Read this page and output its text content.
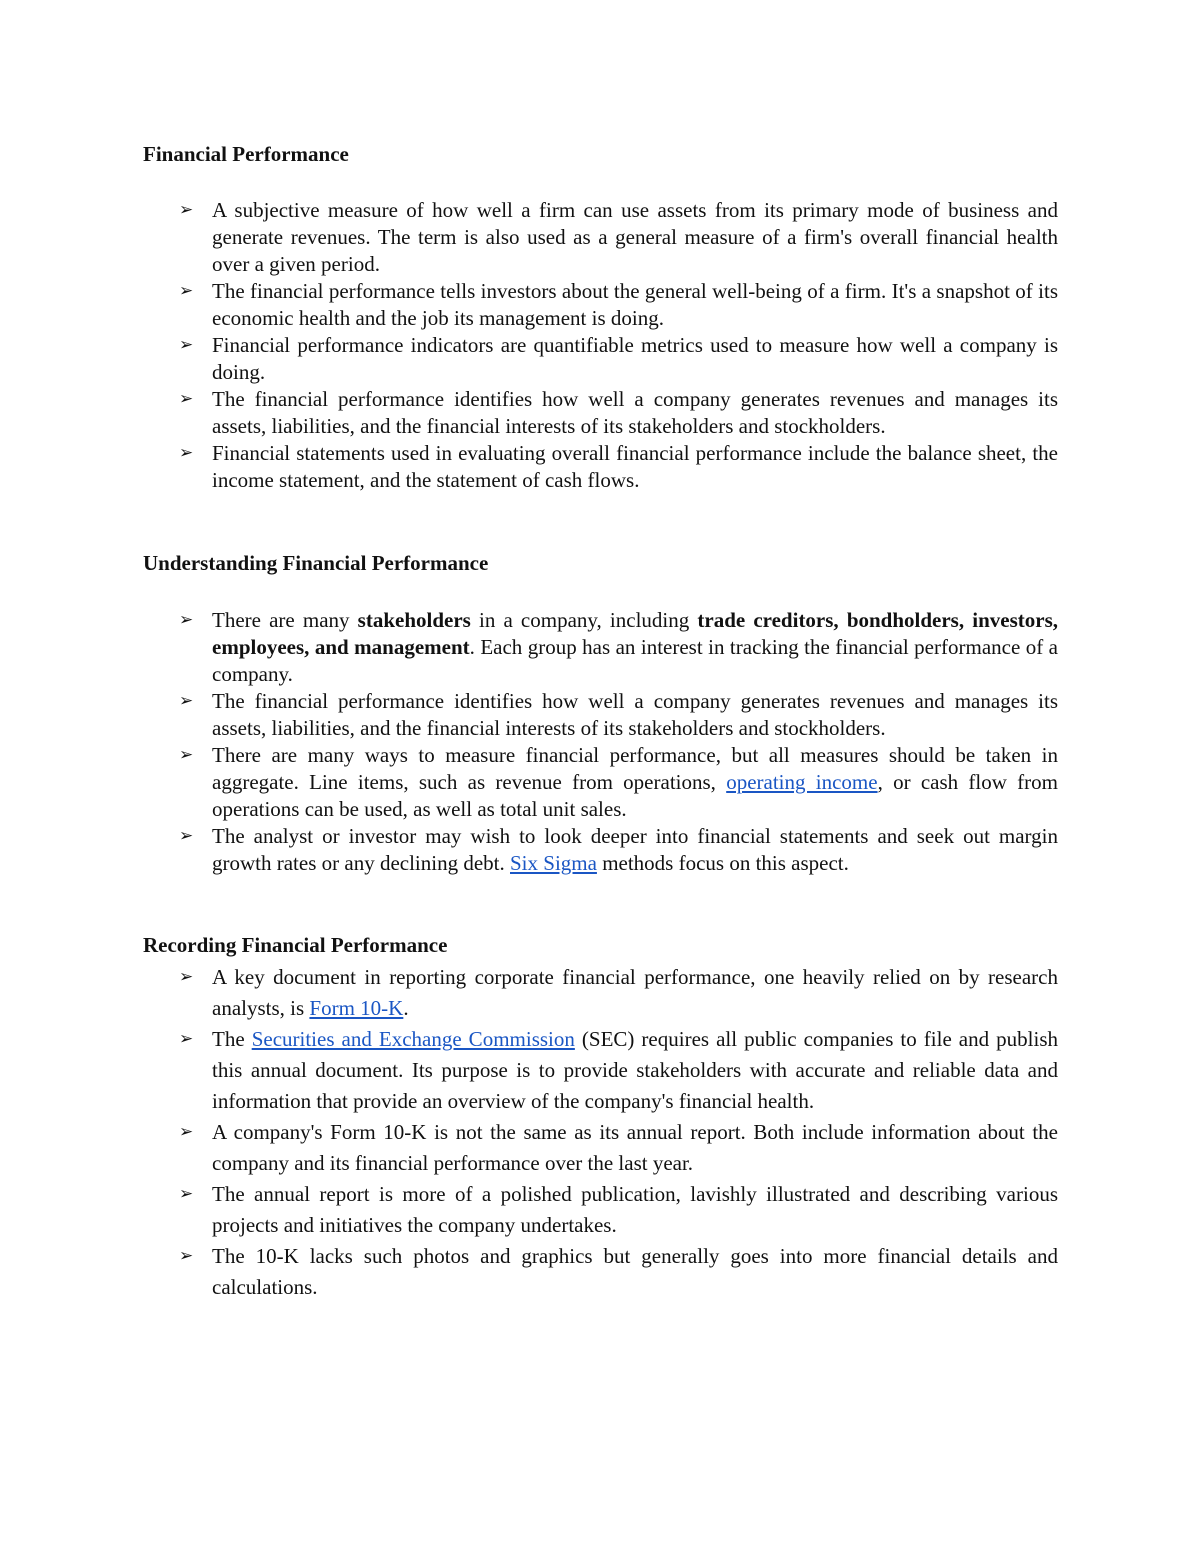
Financial Performance
➢ A subjective measure of how well a firm can use assets from its primary mode of business and generate revenues. The term is also used as a general measure of a firm's overall financial health over a given period.
➢ The financial performance tells investors about the general well-being of a firm. It's a snapshot of its economic health and the job its management is doing.
➢ Financial performance indicators are quantifiable metrics used to measure how well a company is doing.
➢ The financial performance identifies how well a company generates revenues and manages its assets, liabilities, and the financial interests of its stakeholders and stockholders.
➢ Financial statements used in evaluating overall financial performance include the balance sheet, the income statement, and the statement of cash flows.
Understanding Financial Performance
➢ There are many stakeholders in a company, including trade creditors, bondholders, investors, employees, and management. Each group has an interest in tracking the financial performance of a company.
➢ The financial performance identifies how well a company generates revenues and manages its assets, liabilities, and the financial interests of its stakeholders and stockholders.
➢ There are many ways to measure financial performance, but all measures should be taken in aggregate. Line items, such as revenue from operations, operating income, or cash flow from operations can be used, as well as total unit sales.
➢ The analyst or investor may wish to look deeper into financial statements and seek out margin growth rates or any declining debt. Six Sigma methods focus on this aspect.
Recording Financial Performance
➢ A key document in reporting corporate financial performance, one heavily relied on by research analysts, is Form 10-K.
➢ The Securities and Exchange Commission (SEC) requires all public companies to file and publish this annual document. Its purpose is to provide stakeholders with accurate and reliable data and information that provide an overview of the company's financial health.
➢ A company's Form 10-K is not the same as its annual report. Both include information about the company and its financial performance over the last year.
➢ The annual report is more of a polished publication, lavishly illustrated and describing various projects and initiatives the company undertakes.
➢ The 10-K lacks such photos and graphics but generally goes into more financial details and calculations.
